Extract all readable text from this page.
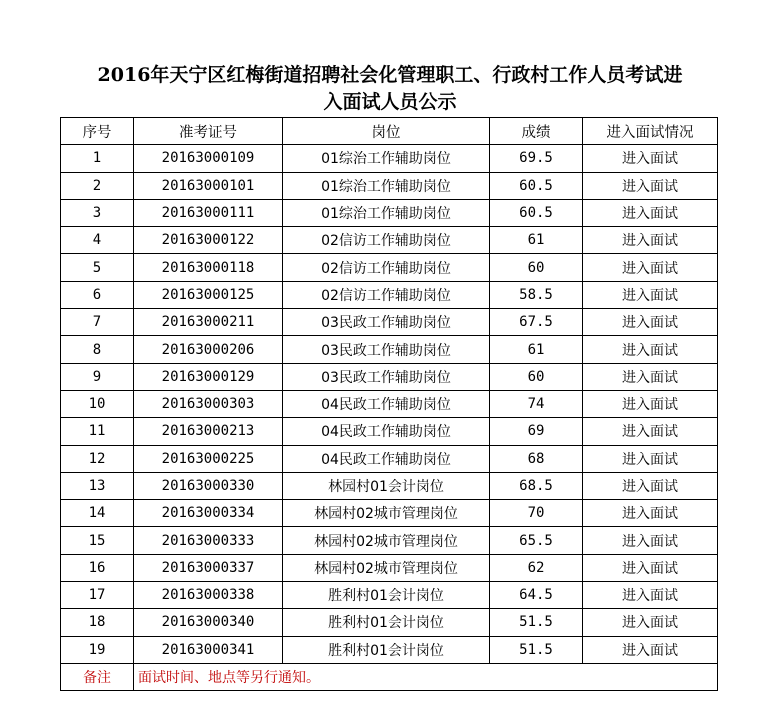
2016年天宁区红梅街道招聘社会化管理职工、行政村工作人员考试进
入面试人员公示
序号	准考证号	岗位	成绩	进入面试情况
1	20163000109	01综治工作辅助岗位	69.5	进入面试
2	20163000101	01综治工作辅助岗位	60.5	进入面试
3	20163000111	01综治工作辅助岗位	60.5	进入面试
4	20163000122	02信访工作辅助岗位	61	进入面试
5	20163000118	02信访工作辅助岗位	60	进入面试
6	20163000125	02信访工作辅助岗位	58.5	进入面试
7	20163000211	03民政工作辅助岗位	67.5	进入面试
8	20163000206	03民政工作辅助岗位	61	进入面试
9	20163000129	03民政工作辅助岗位	60	进入面试
10	20163000303	04民政工作辅助岗位	74	进入面试
11	20163000213	04民政工作辅助岗位	69	进入面试
12	20163000225	04民政工作辅助岗位	68	进入面试
13	20163000330	林园村01会计岗位	68.5	进入面试
14	20163000334	林园村02城市管理岗位	70	进入面试
15	20163000333	林园村02城市管理岗位	65.5	进入面试
16	20163000337	林园村02城市管理岗位	62	进入面试
17	20163000338	胜利村01会计岗位	64.5	进入面试
18	20163000340	胜利村01会计岗位	51.5	进入面试
19	20163000341	胜利村01会计岗位	51.5	进入面试
备注	面试时间、地点等另行通知。			
